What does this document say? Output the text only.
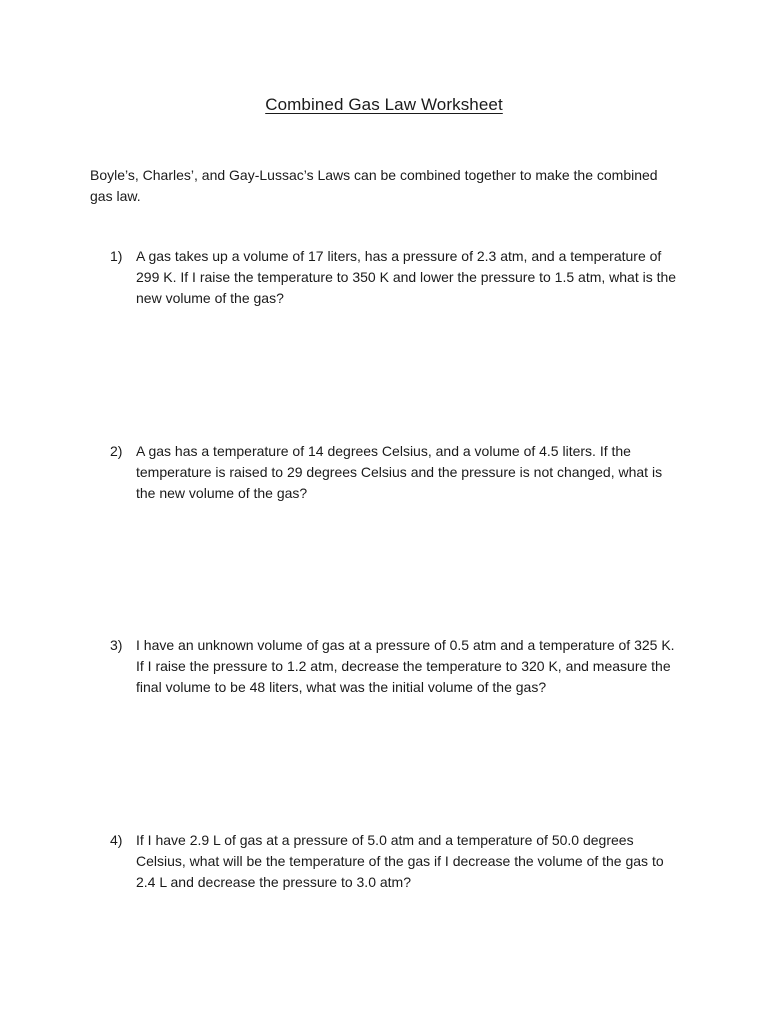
Combined Gas Law Worksheet

Boyle’s, Charles’, and Gay-Lussac’s Laws can be combined together to make the combined gas law.

1) A gas takes up a volume of 17 liters, has a pressure of 2.3 atm, and a temperature of 299 K. If I raise the temperature to 350 K and lower the pressure to 1.5 atm, what is the new volume of the gas?

2) A gas has a temperature of 14 degrees Celsius, and a volume of 4.5 liters. If the temperature is raised to 29 degrees Celsius and the pressure is not changed, what is the new volume of the gas?

3) I have an unknown volume of gas at a pressure of 0.5 atm and a temperature of 325 K. If I raise the pressure to 1.2 atm, decrease the temperature to 320 K, and measure the final volume to be 48 liters, what was the initial volume of the gas?

4) If I have 2.9 L of gas at a pressure of 5.0 atm and a temperature of 50.0 degrees Celsius, what will be the temperature of the gas if I decrease the volume of the gas to 2.4 L and decrease the pressure to 3.0 atm?
